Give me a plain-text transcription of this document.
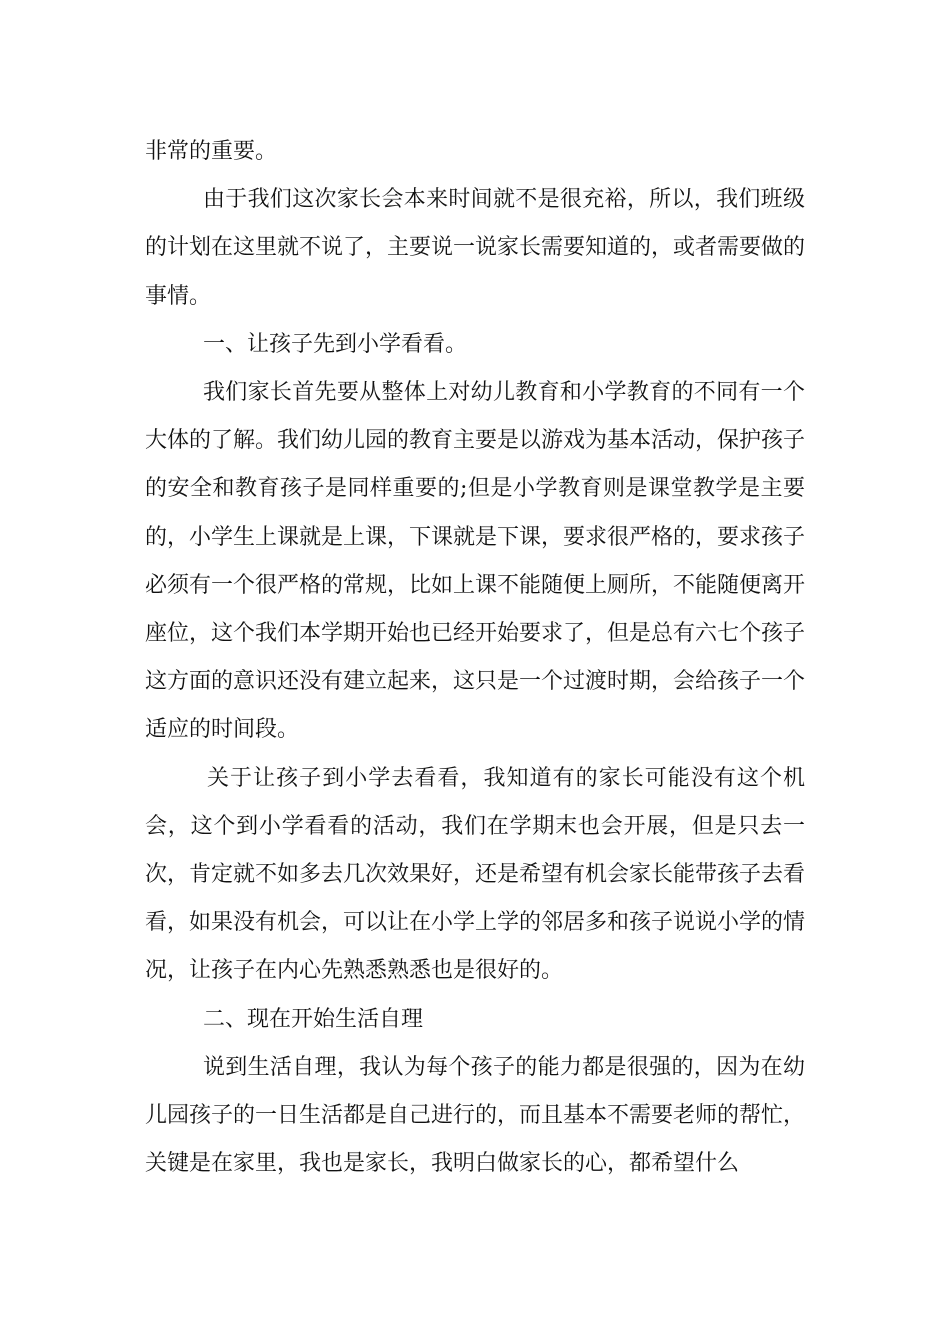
非常的重要。

由于我们这次家长会本来时间就不是很充裕，所以，我们班级的计划在这里就不说了，主要说一说家长需要知道的，或者需要做的事情。

一、让孩子先到小学看看。

我们家长首先要从整体上对幼儿教育和小学教育的不同有一个大体的了解。我们幼儿园的教育主要是以游戏为基本活动，保护孩子的安全和教育孩子是同样重要的;但是小学教育则是课堂教学是主要的，小学生上课就是上课，下课就是下课，要求很严格的，要求孩子必须有一个很严格的常规，比如上课不能随便上厕所，不能随便离开座位，这个我们本学期开始也已经开始要求了，但是总有六七个孩子这方面的意识还没有建立起来，这只是一个过渡时期，会给孩子一个适应的时间段。

关于让孩子到小学去看看，我知道有的家长可能没有这个机会，这个到小学看看的活动，我们在学期末也会开展，但是只去一次，肯定就不如多去几次效果好，还是希望有机会家长能带孩子去看看，如果没有机会，可以让在小学上学的邻居多和孩子说说小学的情况，让孩子在内心先熟悉熟悉也是很好的。

二、现在开始生活自理

说到生活自理，我认为每个孩子的能力都是很强的，因为在幼儿园孩子的一日生活都是自己进行的，而且基本不需要老师的帮忙，关键是在家里，我也是家长，我明白做家长的心，都希望什么
